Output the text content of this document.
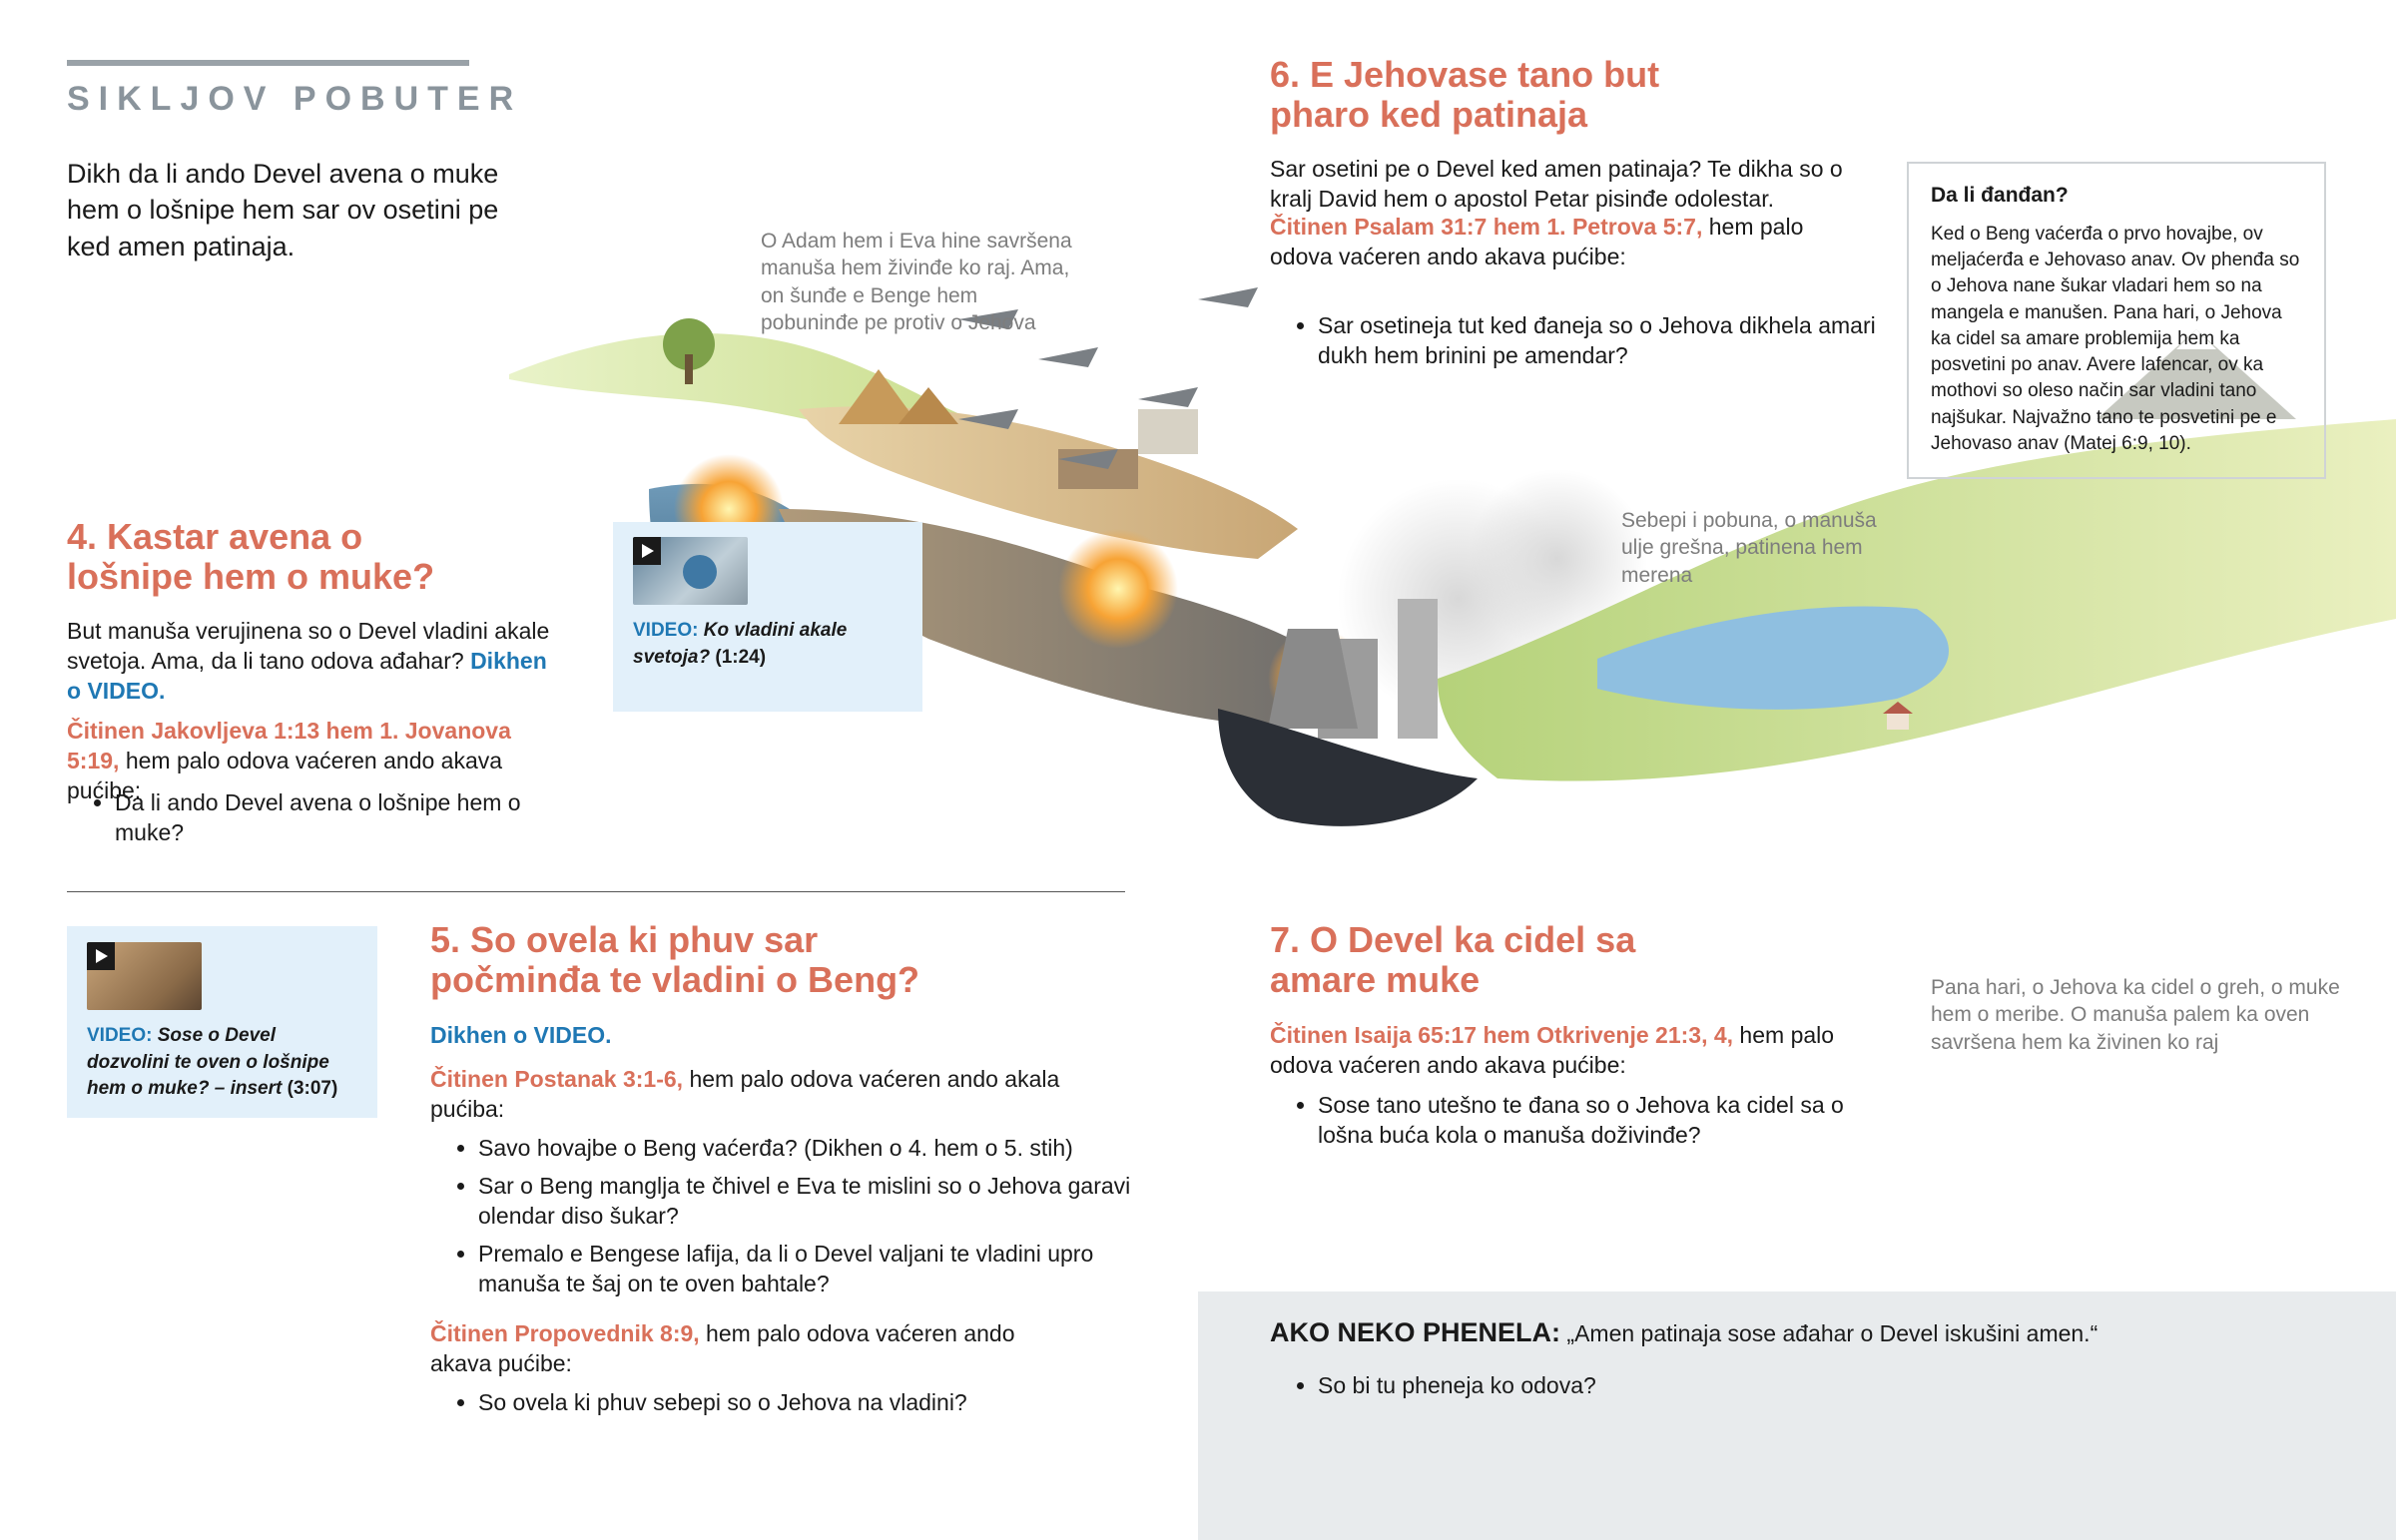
SIKLJOV POBUTER

Dikh da li ando Devel avena o muke hem o lošnipe hem sar ov osetini pe ked amen patinaja.	O Adam hem i Eva hine savršena manuša hem živinđe ko raj. Ama, on šunđe e Benge hem pobuninđe pe protiv o Jehova
Sebepi i pobuna, o manuša ulje grešna, patinena hem merena
Pana hari, o Jehova ka cidel o greh, o muke hem o meribe. O manuša palem ka oven savršena hem ka živinen ko raj
4. Kastar avena o lošnipe hem o muke?

But manuša verujinena so o Devel vladini akale svetoja. Ama, da li tano odova ađahar? Dikhen o VIDEO.

Čitinen Jakovljeva 1:13 hem 1. Jovanova 5:19, hem palo odova vaćeren ando akava pućibe:

• Da li ando Devel avena o lošnipe hem o muke?

VIDEO: Ko vladini akale svetoja? (1:24)

VIDEO: Sose o Devel dozvolini te oven o lošnipe hem o muke? – insert (3:07)

5. So ovela ki phuv sar počminđa te vladini o Beng?

Dikhen o VIDEO.

Čitinen Postanak 3:1-6, hem palo odova vaćeren ando akala pućiba:

• Savo hovajbe o Beng vaćerđa? (Dikhen o 4. hem o 5. stih)
• Sar o Beng manglja te čhivel e Eva te mislini so o Jehova garavi olendar diso šukar?
• Premalo e Bengese lafija, da li o Devel valjani te vladini upro manuša te šaj on te oven bahtale?

Čitinen Propovednik 8:9, hem palo odova vaćeren ando akava pućibe:

• So ovela ki phuv sebepi so o Jehova na vladini?
6. E Jehovase tano but pharo ked patinaja

Sar osetini pe o Devel ked amen patinaja? Te dikha so o kralj David hem o apostol Petar pisinđe odolestar.

Čitinen Psalam 31:7 hem 1. Petrova 5:7, hem palo odova vaćeren ando akava pućibe:

• Sar osetineja tut ked đaneja so o Jehova dikhela amari dukh hem brinini pe amendar?
Da li đanđan?
Ked o Beng vaćerđa o prvo hovajbe, ov meljaćerđa e Jehovaso anav. Ov phenđa so o Jehova nane šukar vladari hem so na mangela e manušen. Pana hari, o Jehova ka cidel sa amare problemija hem ka posvetini po anav. Avere lafencar, ov ka mothovi so oleso način sar vladini tano najšukar. Najvažno tano te posvetini pe e Jehovaso anav (Matej 6:9, 10).
7. O Devel ka cidel sa amare muke

Čitinen Isaija 65:17 hem Otkrivenje 21:3, 4, hem palo odova vaćeren ando akava pućibe:

• Sose tano utešno te đana so o Jehova ka cidel sa o lošna bućа kola o manuša doživinđe?

AKO NEKO PHENELA: „Amen patinaja sose ađahar o Devel iskušini amen.“

• So bi tu pheneja ko odova?
